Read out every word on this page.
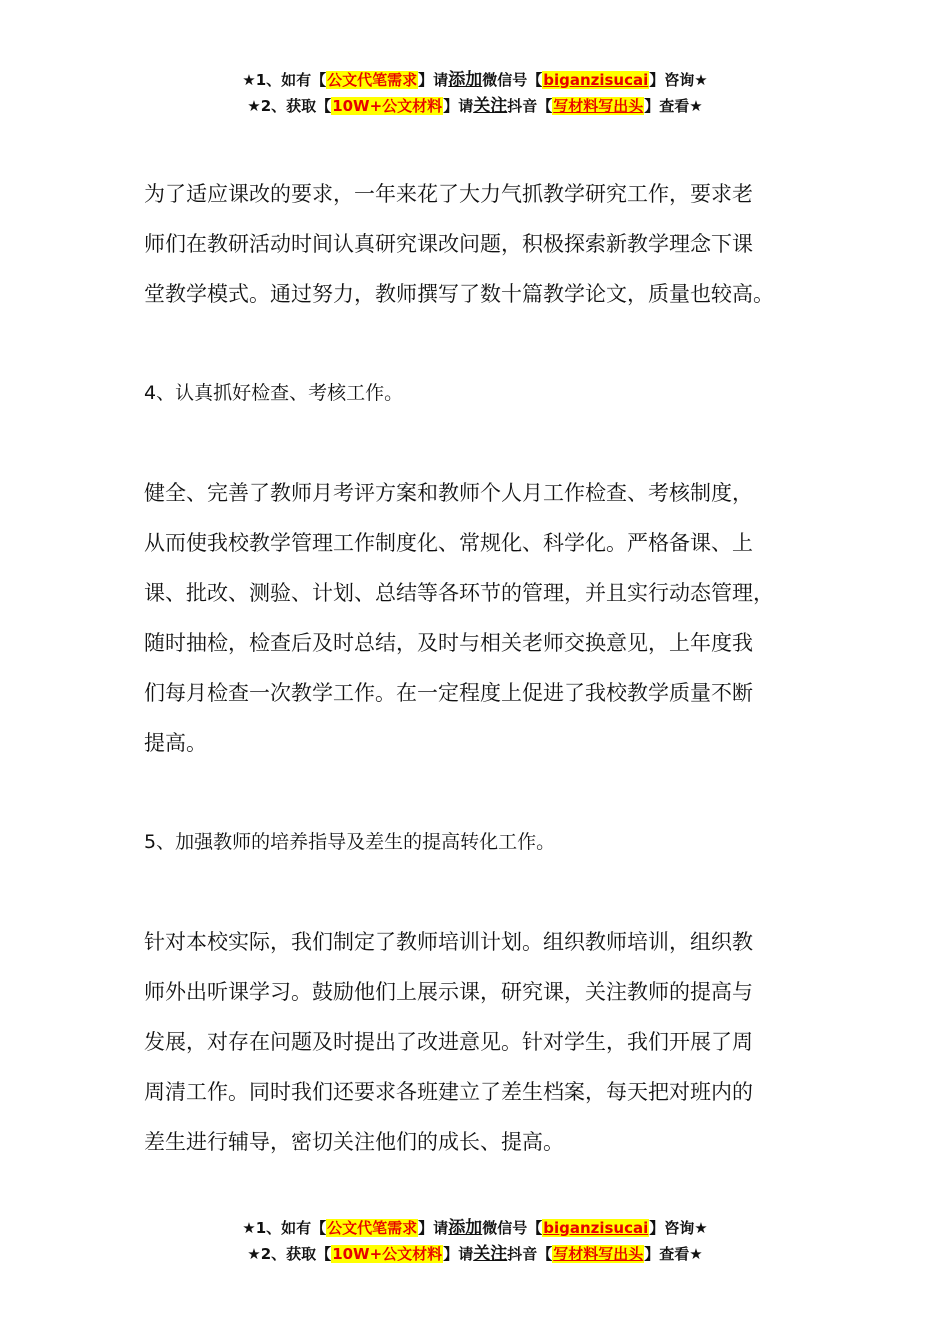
★1、如有【公文代笔需求】请添加微信号【biganzisucai】咨询★
★2、获取【10W+公文材料】请关注抖音【写材料写出头】查看★

为了适应课改的要求，一年来花了大力气抓教学研究工作，要求老

师们在教研活动时间认真研究课改问题，积极探索新教学理念下课

堂教学模式。通过努力，教师撰写了数十篇教学论文，质量也较高。

4、认真抓好检查、考核工作。

健全、完善了教师月考评方案和教师个人月工作检查、考核制度，

从而使我校教学管理工作制度化、常规化、科学化。严格备课、上

课、批改、测验、计划、总结等各环节的管理，并且实行动态管理，

随时抽检，检查后及时总结，及时与相关老师交换意见，上年度我

们每月检查一次教学工作。在一定程度上促进了我校教学质量不断

提高。

5、加强教师的培养指导及差生的提高转化工作。

针对本校实际，我们制定了教师培训计划。组织教师培训，组织教

师外出听课学习。鼓励他们上展示课，研究课，关注教师的提高与

发展，对存在问题及时提出了改进意见。针对学生，我们开展了周

周清工作。同时我们还要求各班建立了差生档案，每天把对班内的

差生进行辅导，密切关注他们的成长、提高。

★1、如有【公文代笔需求】请添加微信号【biganzisucai】咨询★
★2、获取【10W+公文材料】请关注抖音【写材料写出头】查看★
